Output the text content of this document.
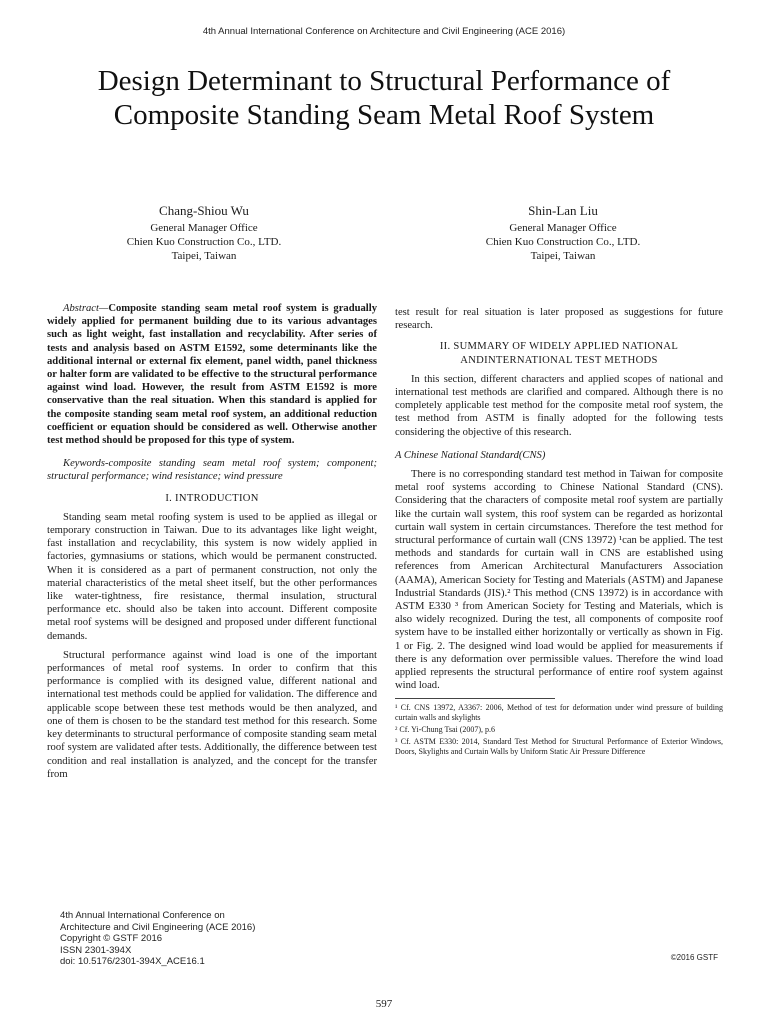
4th Annual International Conference on Architecture and Civil Engineering (ACE 2016)
Design Determinant to Structural Performance of
Composite Standing Seam Metal Roof System
Chang-Shiou Wu
General Manager Office
Chien Kuo Construction Co., LTD.
Taipei, Taiwan
Shin-Lan Liu
General Manager Office
Chien Kuo Construction Co., LTD.
Taipei, Taiwan

Abstract—Composite standing seam metal roof system is gradually widely applied for permanent building due to its various advantages such as light weight, fast installation and recyclability. After series of tests and analysis based on ASTM E1592, some determinants like the additional internal or external fix element, panel width, panel thickness or halter form are validated to be effective to the structural performance against wind load. However, the result from ASTM E1592 is more conservative than the real situation. When this standard is applied for the composite standing seam metal roof system, an additional reduction coefficient or equation should be considered as well. Otherwise another test method should be proposed for this type of system.

Keywords-composite standing seam metal roof system; component; structural performance; wind resistance; wind pressure

I. INTRODUCTION

Standing seam metal roofing system is used to be applied as illegal or temporary construction in Taiwan. Due to its advantages like light weight, fast installation and recyclability, this system is now widely applied in factories, gymnasiums or stations, which would be permanent constructed. When it is considered as a part of permanent construction, not only the material characteristics of the metal sheet itself, but the other performances like water-tightness, fire resistance, thermal insulation, structural performance etc. should also be taken into account. Different composite metal roof systems will be designed and proposed under different functional demands.

Structural performance against wind load is one of the important performances of metal roof systems. In order to confirm that this performance is complied with its designed value, different national and international test methods could be applied for validation. The difference and applicable scope between these test methods would be then analyzed, and one of them is chosen to be the standard test method for this research. Some key determinants to structural performance of composite standing seam metal roof system are validated after tests. Additionally, the difference between test condition and real installation is analyzed, and the concept for the transfer from

test result for real situation is later proposed as suggestions for future research.

II. SUMMARY OF WIDELY APPLIED NATIONAL ANDINTERNATIONAL TEST METHODS

In this section, different characters and applied scopes of national and international test methods are clarified and compared. Although there is no completely applicable test method for the composite metal roof system, the test method from ASTM is finally adopted for the following tests considering the objective of this research.

A Chinese National Standard(CNS)

There is no corresponding standard test method in Taiwan for composite metal roof systems according to Chinese National Standard (CNS). Considering that the characters of composite metal roof system are partially like the curtain wall system, this roof system can be regarded as horizontal curtain wall system in certain circumstances. Therefore the test method for structural performance of curtain wall (CNS 13972) ¹can be applied. The test methods and standards for curtain wall in CNS are established using references from American Architectural Manufacturers Association (AAMA), American Society for Testing and Materials (ASTM) and Japanese Industrial Standards (JIS).² This method (CNS 13972) is in accordance with ASTM E330 ³ from American Society for Testing and Materials, which is also widely recognized. During the test, all components of composite roof system have to be installed either horizontally or vertically as shown in Fig. 1 or Fig. 2. The designed wind load would be applied for measurements if there is any deformation over permissible values. Therefore the wind load applied represents the structural performance of entire roof system against wind load.

¹ Cf. CNS 13972, A3367: 2006, Method of test for deformation under wind pressure of building curtain walls and skylights
² Cf. Yi-Chung Tsai (2007), p.6
³ Cf. ASTM E330: 2014, Standard Test Method for Structural Performance of Exterior Windows, Doors, Skylights and Curtain Walls by Uniform Static Air Pressure Difference
4th Annual International Conference on
Architecture and Civil Engineering (ACE 2016)
Copyright © GSTF 2016
ISSN 2301-394X
doi: 10.5176/2301-394X_ACE16.1	©2016 GSTF
597
